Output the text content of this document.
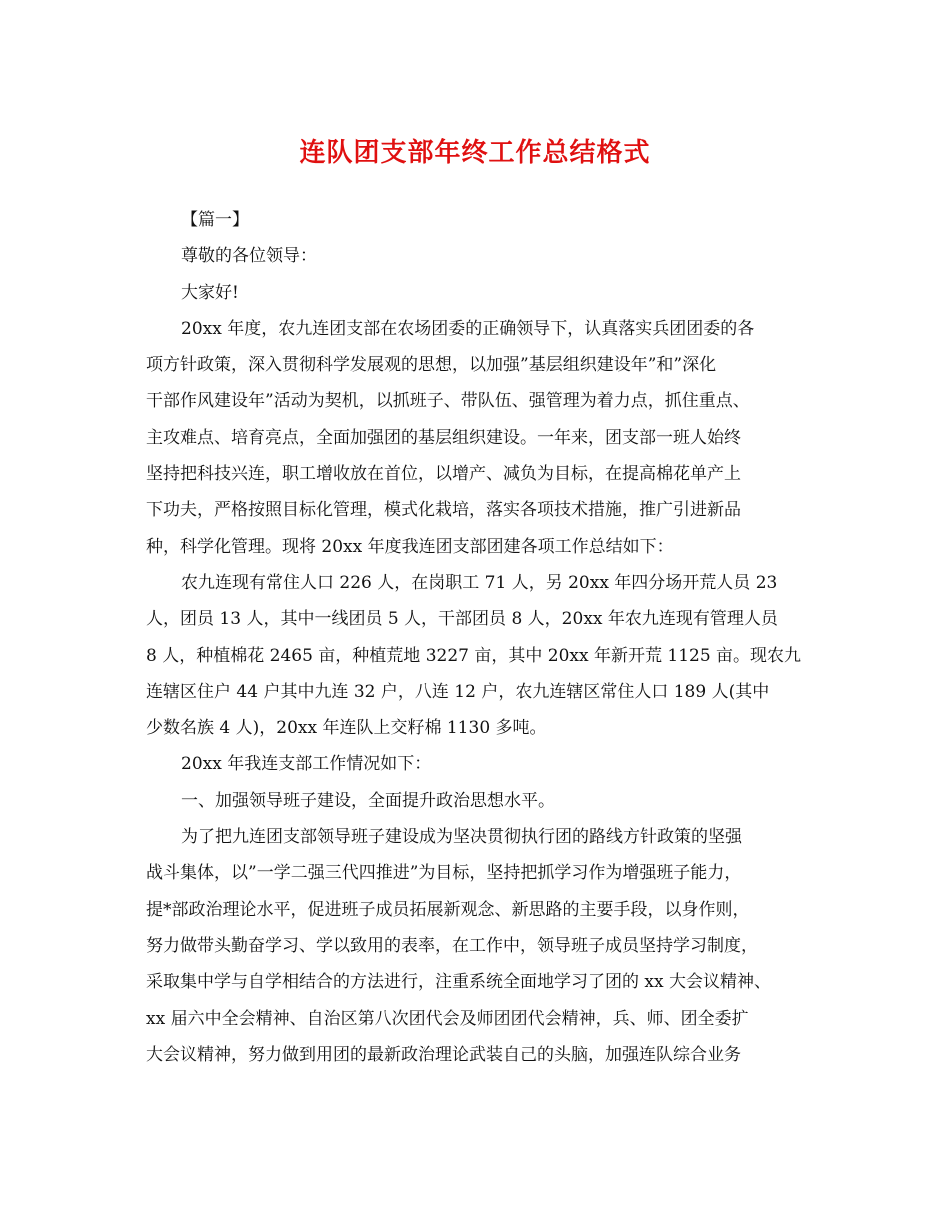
连队团支部年终工作总结格式
【篇一】
尊敬的各位领导：
大家好!
20xx 年度，农九连团支部在农场团委的正确领导下，认真落实兵团团委的各
项方针政策，深入贯彻科学发展观的思想，以加强”基层组织建设年”和”深化
干部作风建设年”活动为契机，以抓班子、带队伍、强管理为着力点，抓住重点、
主攻难点、培育亮点，全面加强团的基层组织建设。一年来，团支部一班人始终
坚持把科技兴连，职工增收放在首位，以增产、减负为目标，在提高棉花单产上
下功夫，严格按照目标化管理，模式化栽培，落实各项技术措施，推广引进新品
种，科学化管理。现将 20xx 年度我连团支部团建各项工作总结如下：
农九连现有常住人口 226 人，在岗职工 71 人，另 20xx 年四分场开荒人员 23
人，团员 13 人，其中一线团员 5 人，干部团员 8 人，20xx 年农九连现有管理人员
8 人，种植棉花 2465 亩，种植荒地 3227 亩，其中 20xx 年新开荒 1125 亩。现农九
连辖区住户 44 户其中九连 32 户，八连 12 户，农九连辖区常住人口 189 人(其中
少数名族 4 人)，20xx 年连队上交籽棉 1130 多吨。
20xx 年我连支部工作情况如下：
一、加强领导班子建设，全面提升政治思想水平。
为了把九连团支部领导班子建设成为坚决贯彻执行团的路线方针政策的坚强
战斗集体，以”一学二强三代四推进”为目标，坚持把抓学习作为增强班子能力，
提*部政治理论水平，促进班子成员拓展新观念、新思路的主要手段，以身作则，
努力做带头勤奋学习、学以致用的表率，在工作中，领导班子成员坚持学习制度，
采取集中学与自学相结合的方法进行，注重系统全面地学习了团的 xx 大会议精神、
xx 届六中全会精神、自治区第八次团代会及师团团代会精神，兵、师、团全委扩
大会议精神，努力做到用团的最新政治理论武装自己的头脑，加强连队综合业务
